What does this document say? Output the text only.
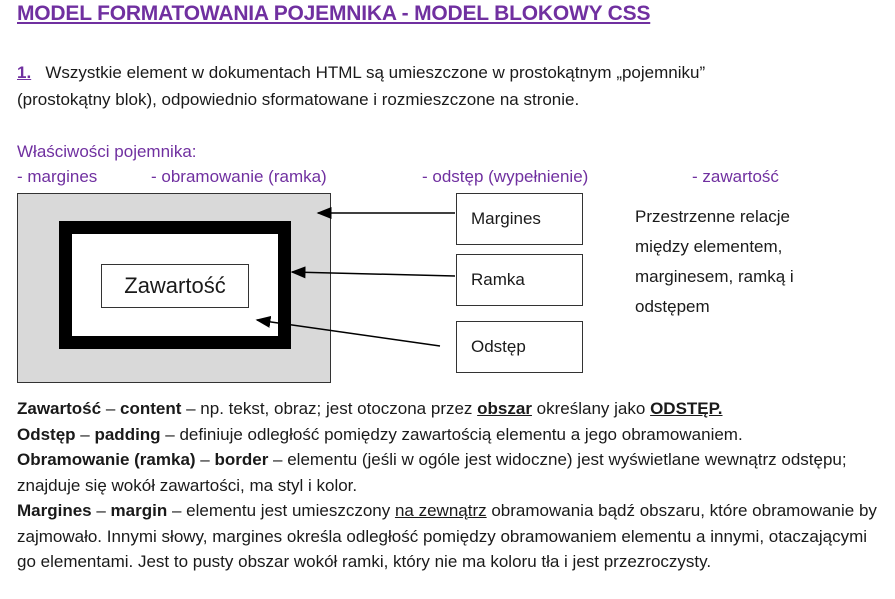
MODEL FORMATOWANIA POJEMNIKA - MODEL BLOKOWY CSS
1. Wszystkie element w dokumentach HTML są umieszczone w prostokątnym „pojemniku”
(prostokątny blok), odpowiednio sformatowane i rozmieszczone na stronie.
Właściwości pojemnika:
- margines	- obramowanie (ramka)	- odstęp (wypełnienie)	- zawartość
Zawartość
Margines
Ramka
Odstęp
Przestrzenne relacje między elementem, marginesem, ramką i odstępem
Zawartość – content – np. tekst, obraz; jest otoczona przez obszar określany jako ODSTĘP.
Odstęp – padding – definiuje odległość pomiędzy zawartością elementu a jego obramowaniem.
Obramowanie (ramka) – border – elementu (jeśli w ogóle jest widoczne) jest wyświetlane wewnątrz odstępu; znajduje się wokół zawartości, ma styl i kolor.
Margines – margin – elementu jest umieszczony na zewnątrz obramowania bądź obszaru, które obramowanie by zajmowało. Innymi słowy, margines określa odległość pomiędzy obramowaniem elementu a innymi, otaczającymi go elementami. Jest to pusty obszar wokół ramki, który nie ma koloru tła i jest przezroczysty.
